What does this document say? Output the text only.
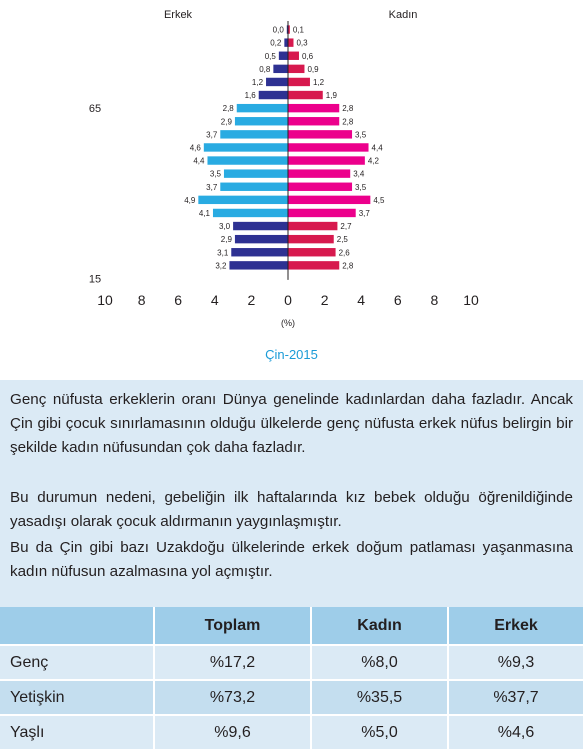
Erkek	Kadın
0,0 0,1
0,2 0,3
0,5	0,6
0,8	0,9
1,2	1,2
1,6	1,9
2,8	2,8
2,9	2,8
3,7	3,5
4,6	4,4
4,4	4,2
3,5	3,4
3,7	3,5
4,9	4,5
4,1	3,7
3,0	2,7
2,9	2,5
3,1	2,6
3,2	2,8
65
15
10 8 6 4 2 0 2 4 6 8 10
(%)
Çin-2015

Genç nüfusta erkeklerin oranı Dünya genelinde kadınlardan daha fazladır. Ancak Çin gibi çocuk sınırlamasının olduğu ülkelerde genç nüfusta erkek nüfus belirgin bir şekilde kadın nüfusundan çok daha fazladır.

Bu durumun nedeni, gebeliğin ilk haftalarında kız bebek olduğu öğrenildiğinde yasadışı olarak çocuk aldırmanın yaygınlaşmıştır.

Bu da Çin gibi bazı Uzakdoğu ülkelerinde erkek doğum patlaması yaşanmasına kadın nüfusun azalmasına yol açmıştır.

	Toplam	Kadın	Erkek
Genç	%17,2	%8,0	%9,3
Yetişkin	%73,2	%35,5	%37,7
Yaşlı	%9,6	%5,0	%4,6
